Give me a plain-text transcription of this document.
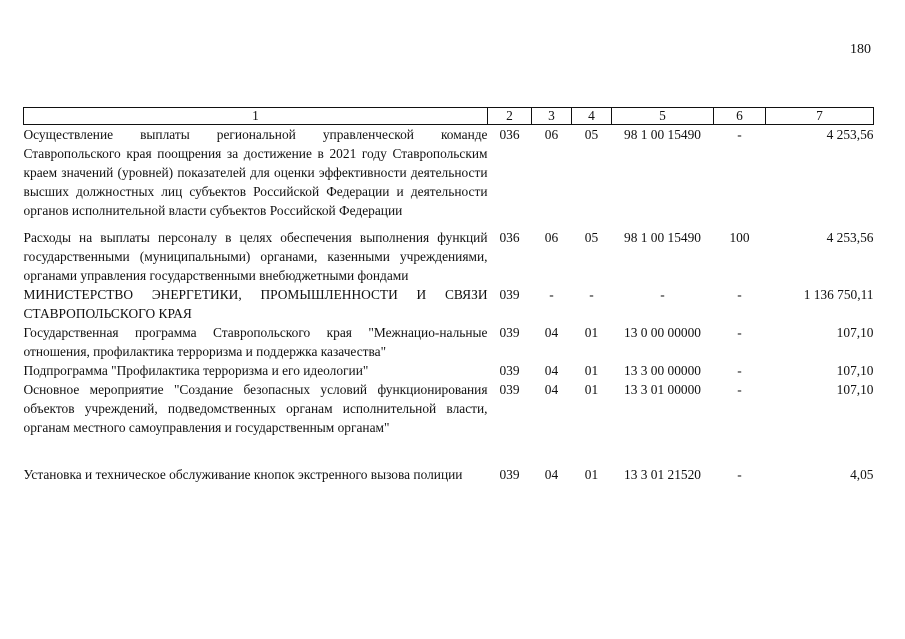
180
1	2	3	4	5	6	7
Осуществление выплаты региональной управленческой команде Ставропольского края поощрения за достижение в 2021 году Ставропольским краем значений (уровней) показателей для оценки эффективности деятельности высших должностных лиц субъектов Российской Федерации и деятельности органов исполнительной власти субъектов Российской Федерации	036	06	05	98 1 00 15490	-	4 253,56

Расходы на выплаты персоналу в целях обеспечения выполнения функций государственными (муниципальными) органами, казенными учреждениями, органами управления государственными внебюджетными фондами	036	06	05	98 1 00 15490	100	4 253,56
МИНИСТЕРСТВО ЭНЕРГЕТИКИ, ПРОМЫШЛЕННОСТИ И СВЯЗИ СТАВРОПОЛЬСКОГО КРАЯ	039	-	-	-	-	1 136 750,11
Государственная программа Ставропольского края "Межнацио-нальные отношения, профилактика терроризма и поддержка казачества"	039	04	01	13 0 00 00000	-	107,10
Подпрограмма "Профилактика терроризма и его идеологии"	039	04	01	13 3 00 00000	-	107,10
Основное мероприятие "Создание безопасных условий функционирования объектов учреждений, подведомственных органам исполнительной власти, органам местного самоуправления и государственным органам"	039	04	01	13 3 01 00000	-	107,10

Установка и техническое обслуживание кнопок экстренного вызова полиции	039	04	01	13 3 01 21520	-	4,05
